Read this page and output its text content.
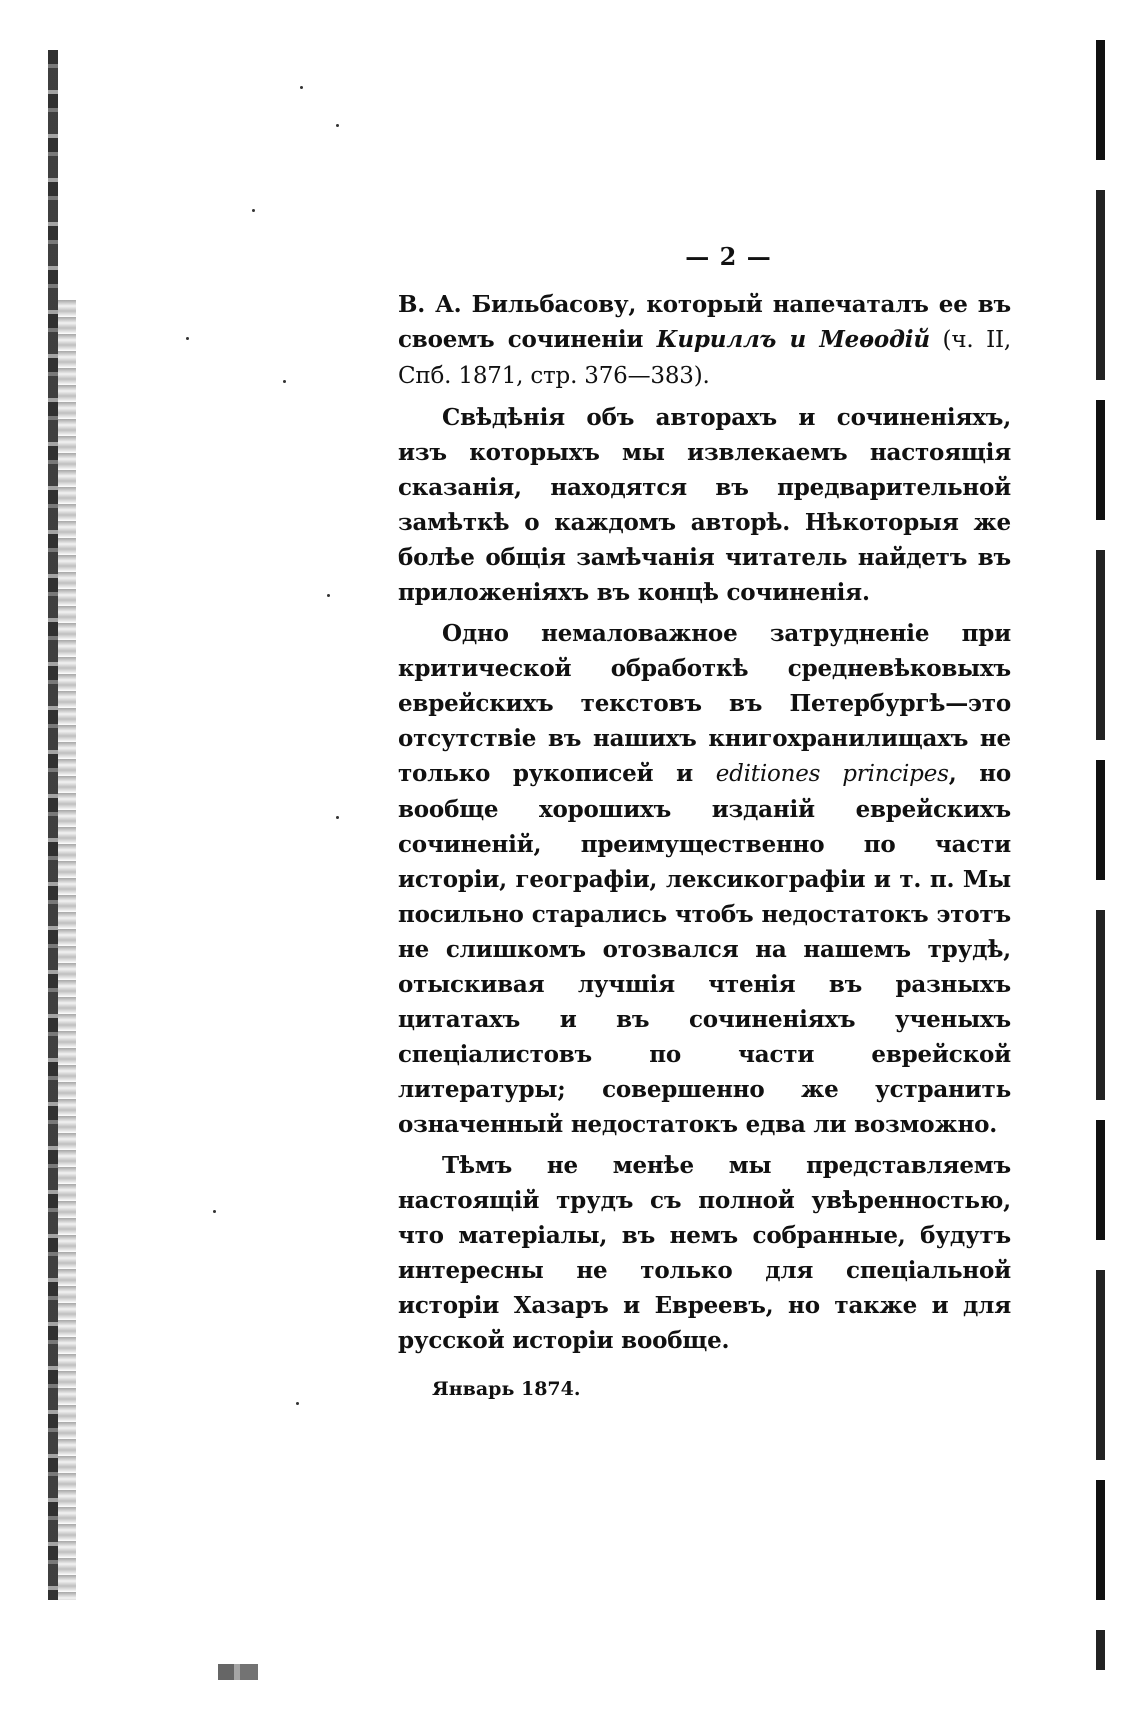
— 2 —

В. А. Бильбасову, который напечаталъ ее въ своемъ сочиненіи Кириллъ и Меѳодій (ч. II, Спб. 1871, стр. 376—383).

Свѣдѣнія объ авторахъ и сочиненіяхъ, изъ которыхъ мы извлекаемъ настоящія сказанія, находятся въ предварительной замѣткѣ о каждомъ авторѣ. Нѣкоторыя же болѣе общія замѣчанія читатель найдетъ въ приложеніяхъ въ концѣ сочиненія.

Одно немаловажное затрудненіе при критической обработкѣ средневѣковыхъ еврейскихъ текстовъ въ Петербургѣ—это отсутствіе въ нашихъ книгохранилищахъ не только рукописей и editiones principes, но вообще хорошихъ изданій еврейскихъ сочиненій, преимущественно по части исторіи, географіи, лексикографіи и т. п. Мы посильно старались чтобъ недостатокъ этотъ не слишкомъ отозвался на нашемъ трудѣ, отыскивая лучшія чтенія въ разныхъ цитатахъ и въ сочиненіяхъ ученыхъ спеціалистовъ по части еврейской литературы; совершенно же устранить означенный недостатокъ едва ли возможно.

Тѣмъ не менѣе мы представляемъ настоящій трудъ съ полной увѣренностью, что матеріалы, въ немъ собранные, будутъ интересны не только для спеціальной исторіи Хазаръ и Евреевъ, но также и для русской исторіи вообще.

Январь 1874.
